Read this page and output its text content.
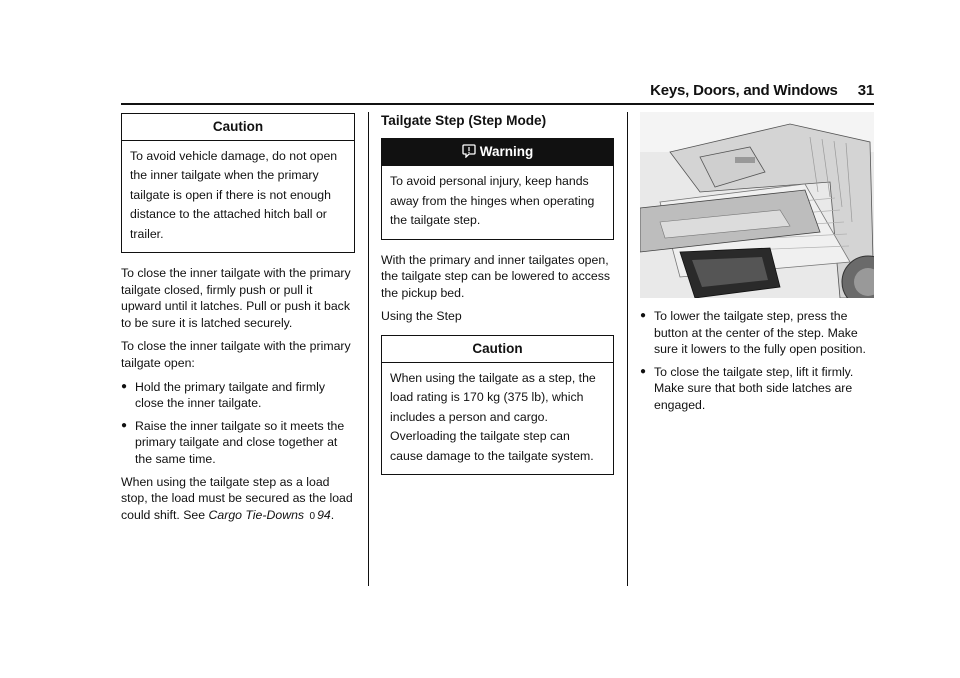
Keys, Doors, and Windows 31
Caution
To avoid vehicle damage, do not open the inner tailgate when the primary tailgate is open if there is not enough distance to the attached hitch ball or trailer.

To close the inner tailgate with the primary tailgate closed, firmly push or pull it upward until it latches. Pull or push it back to be sure it is latched securely.

To close the inner tailgate with the primary tailgate open:

● Hold the primary tailgate and firmly close the inner tailgate.
● Raise the inner tailgate so it meets the primary tailgate and close together at the same time.

When using the tailgate step as a load stop, the load must be secured as the load could shift. See Cargo Tie-Downs 0 94.

Tailgate Step (Step Mode)
Warning
To avoid personal injury, keep hands away from the hinges when operating the tailgate step.

With the primary and inner tailgates open, the tailgate step can be lowered to access the pickup bed.

Using the Step

Caution
When using the tailgate as a step, the load rating is 170 kg (375 lb), which includes a person and cargo. Overloading the tailgate step can cause damage to the tailgate system.
● To lower the tailgate step, press the button at the center of the step. Make sure it lowers to the fully open position.
● To close the tailgate step, lift it firmly. Make sure that both side latches are engaged.
